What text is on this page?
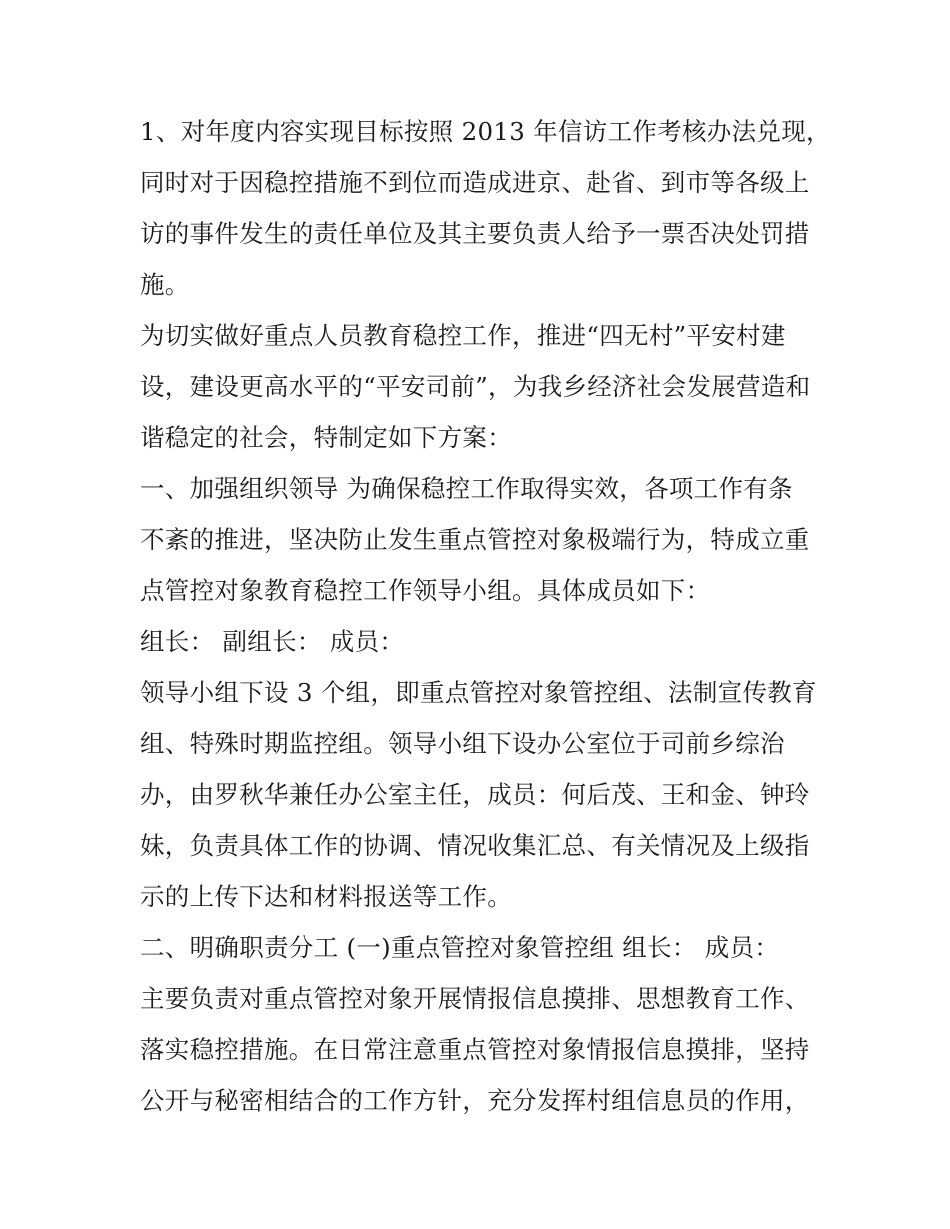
1、对年度内容实现目标按照 2013 年信访工作考核办法兑现，
同时对于因稳控措施不到位而造成进京、赴省、到市等各级上
访的事件发生的责任单位及其主要负责人给予一票否决处罚措
施。
为切实做好重点人员教育稳控工作，推进“四无村”平安村建
设，建设更高水平的“平安司前”，为我乡经济社会发展营造和
谐稳定的社会，特制定如下方案：
一、加强组织领导 为确保稳控工作取得实效，各项工作有条
不紊的推进，坚决防止发生重点管控对象极端行为，特成立重
点管控对象教育稳控工作领导小组。具体成员如下：
组长： 副组长： 成员：
领导小组下设 3 个组，即重点管控对象管控组、法制宣传教育
组、特殊时期监控组。领导小组下设办公室位于司前乡综治
办，由罗秋华兼任办公室主任，成员：何后茂、王和金、钟玲
妹，负责具体工作的协调、情况收集汇总、有关情况及上级指
示的上传下达和材料报送等工作。
二、明确职责分工 (一)重点管控对象管控组 组长： 成员：
主要负责对重点管控对象开展情报信息摸排、思想教育工作、
落实稳控措施。在日常注意重点管控对象情报信息摸排，坚持
公开与秘密相结合的工作方针，充分发挥村组信息员的作用，
